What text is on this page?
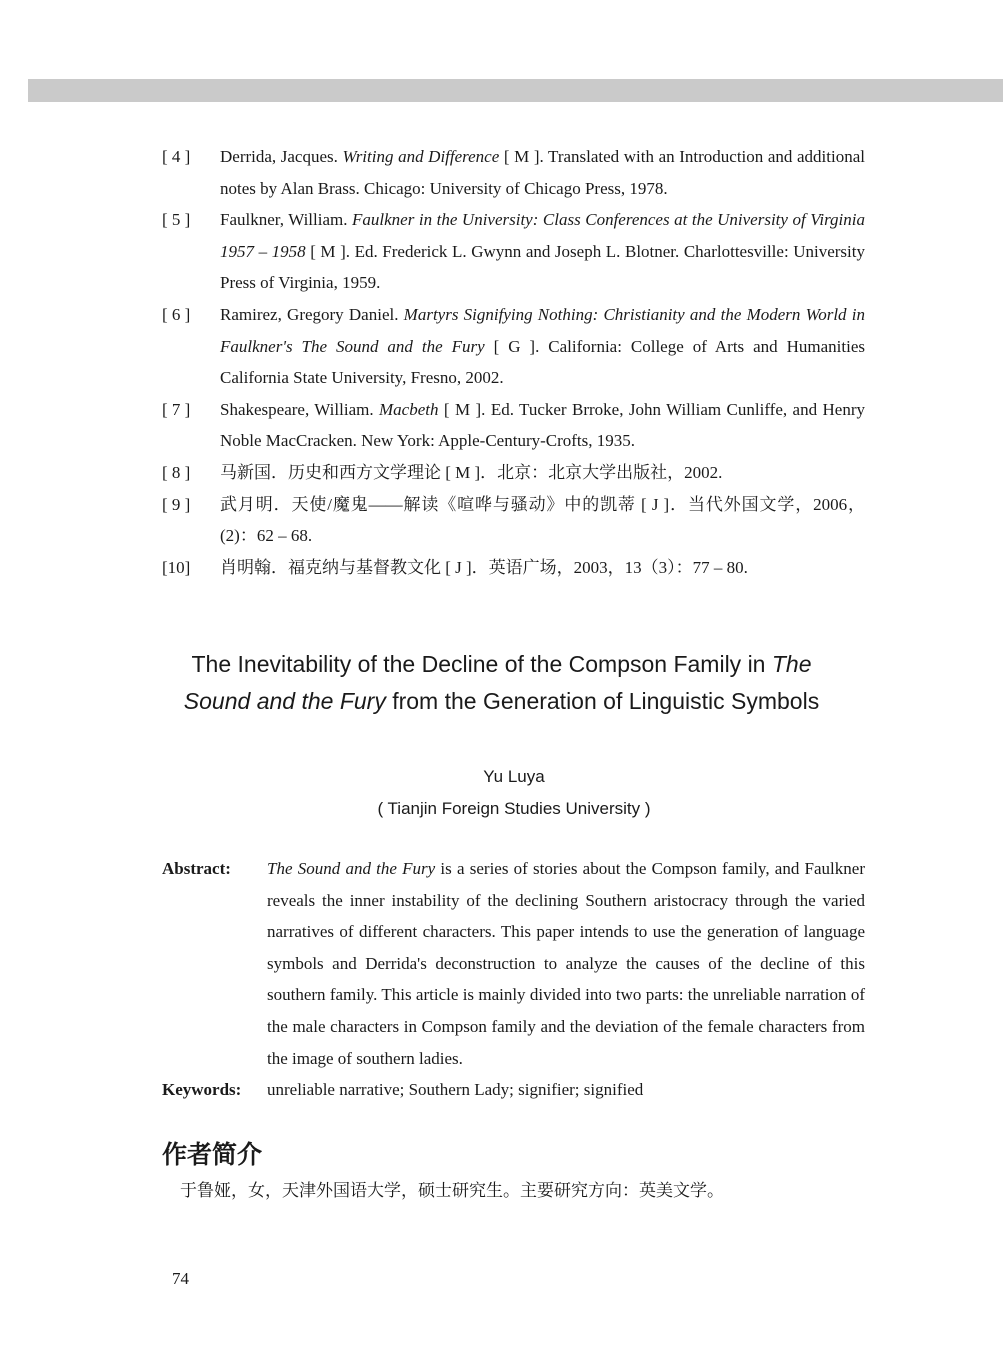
[ 4 ] Derrida, Jacques. Writing and Difference [ M ]. Translated with an Introduction and additional notes by Alan Brass. Chicago: University of Chicago Press, 1978.
[ 5 ] Faulkner, William. Faulkner in the University: Class Conferences at the University of Virginia 1957 – 1958 [ M ]. Ed. Frederick L. Gwynn and Joseph L. Blotner. Charlottesville: University Press of Virginia, 1959.
[ 6 ] Ramirez, Gregory Daniel. Martyrs Signifying Nothing: Christianity and the Modern World in Faulkner's The Sound and the Fury [ G ]. California: College of Arts and Humanities California State University, Fresno, 2002.
[ 7 ] Shakespeare, William. Macbeth [ M ]. Ed. Tucker Brroke, John William Cunliffe, and Henry Noble MacCracken. New York: Apple-Century-Crofts, 1935.
[ 8 ] 马新国．历史和西方文学理论 [ M ]．北京：北京大学出版社，2002.
[ 9 ] 武月明．天使/魔鬼——解读《喧哗与骚动》中的凯蒂 [ J ]．当代外国文学，2006，(2)：62 – 68.
[10] 肖明翰．福克纳与基督教文化 [ J ]．英语广场，2003，13（3）：77 – 80.
The Inevitability of the Decline of the Compson Family in The
Sound and the Fury from the Generation of Linguistic Symbols
Yu Luya
( Tianjin Foreign Studies University )
Abstract: The Sound and the Fury is a series of stories about the Compson family, and Faulkner reveals the inner instability of the declining Southern aristocracy through the varied narratives of different characters. This paper intends to use the generation of language symbols and Derrida's deconstruction to analyze the causes of the decline of this southern family. This article is mainly divided into two parts: the unreliable narration of the male characters in Compson family and the deviation of the female characters from the image of southern ladies.
Keywords: unreliable narrative; Southern Lady; signifier; signified
作者简介
于鲁娅，女，天津外国语大学，硕士研究生。主要研究方向：英美文学。
74
